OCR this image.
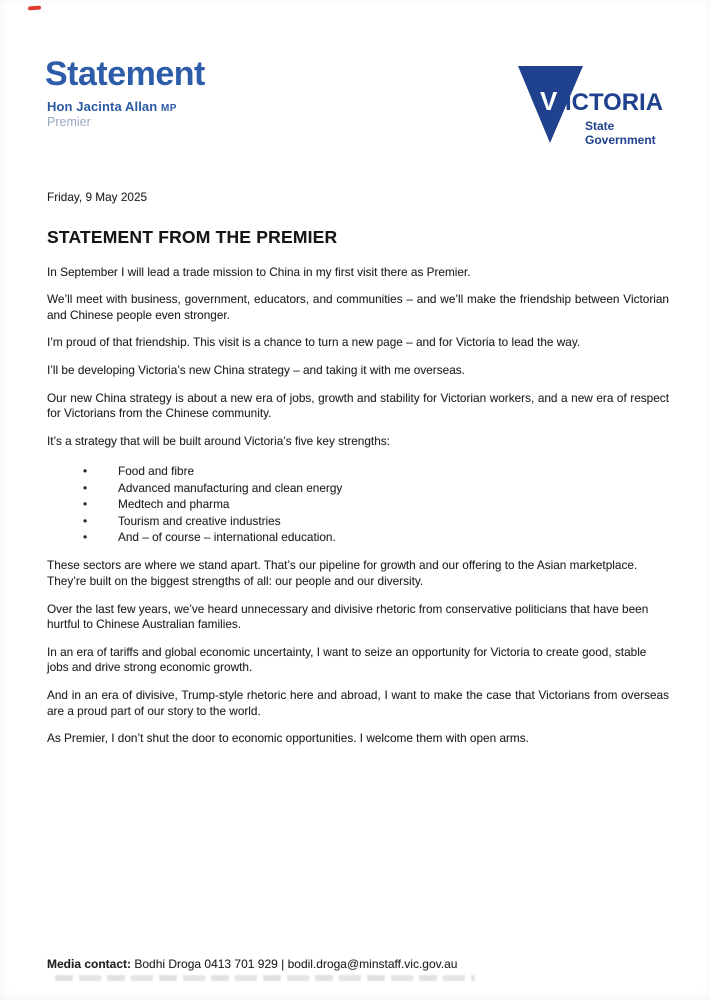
Statement
Hon Jacinta Allan MP
Premier
V ICTORIA
State
Government
Friday, 9 May 2025
STATEMENT FROM THE PREMIER

In September I will lead a trade mission to China in my first visit there as Premier.

We’ll meet with business, government, educators, and communities – and we’ll make the friendship between Victorian and Chinese people even stronger.

I’m proud of that friendship. This visit is a chance to turn a new page – and for Victoria to lead the way.

I’ll be developing Victoria’s new China strategy – and taking it with me overseas.

Our new China strategy is about a new era of jobs, growth and stability for Victorian workers, and a new era of respect for Victorians from the Chinese community.

It’s a strategy that will be built around Victoria’s five key strengths:

•	Food and fibre
•	Advanced manufacturing and clean energy
•	Medtech and pharma
•	Tourism and creative industries
•	And – of course – international education.

These sectors are where we stand apart. That’s our pipeline for growth and our offering to the Asian marketplace. They’re built on the biggest strengths of all: our people and our diversity.

Over the last few years, we’ve heard unnecessary and divisive rhetoric from conservative politicians that have been hurtful to Chinese Australian families.

In an era of tariffs and global economic uncertainty, I want to seize an opportunity for Victoria to create good, stable jobs and drive strong economic growth.

And in an era of divisive, Trump-style rhetoric here and abroad, I want to make the case that Victorians from overseas are a proud part of our story to the world.

As Premier, I don’t shut the door to economic opportunities. I welcome them with open arms.

Media contact: Bodhi Droga 0413 701 929 | bodil.droga@minstaff.vic.gov.au
